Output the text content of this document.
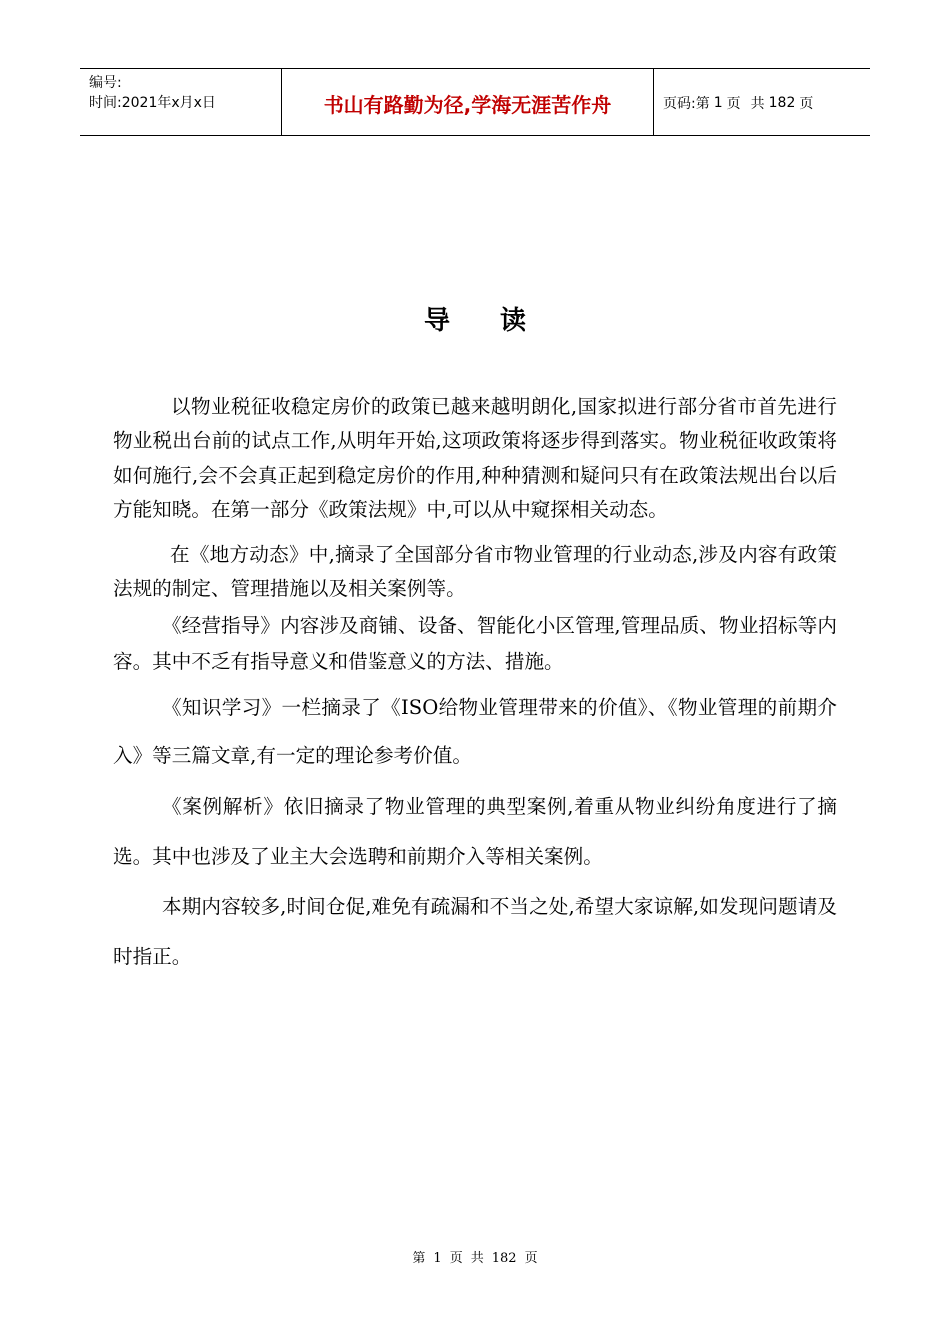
编号:
时间:2021年x月x日	书山有路勤为径,学海无涯苦作舟	页码:第 1 页 共 182 页
导 读

以物业税征收稳定房价的政策已越来越明朗化,国家拟进行部分省市首先进行物业税出台前的试点工作,从明年开始,这项政策将逐步得到落实。物业税征收政策将如何施行,会不会真正起到稳定房价的作用,种种猜测和疑问只有在政策法规出台以后方能知晓。在第一部分《政策法规》中,可以从中窥探相关动态。

在《地方动态》中,摘录了全国部分省市物业管理的行业动态,涉及内容有政策法规的制定、管理措施以及相关案例等。

《经营指导》内容涉及商铺、设备、智能化小区管理,管理品质、物业招标等内容。其中不乏有指导意义和借鉴意义的方法、措施。

《知识学习》一栏摘录了《ISO给物业管理带来的价值》、《物业管理的前期介入》等三篇文章,有一定的理论参考价值。

《案例解析》依旧摘录了物业管理的典型案例,着重从物业纠纷角度进行了摘选。其中也涉及了业主大会选聘和前期介入等相关案例。

本期内容较多,时间仓促,难免有疏漏和不当之处,希望大家谅解,如发现问题请及时指正。

第 1 页 共 182 页
